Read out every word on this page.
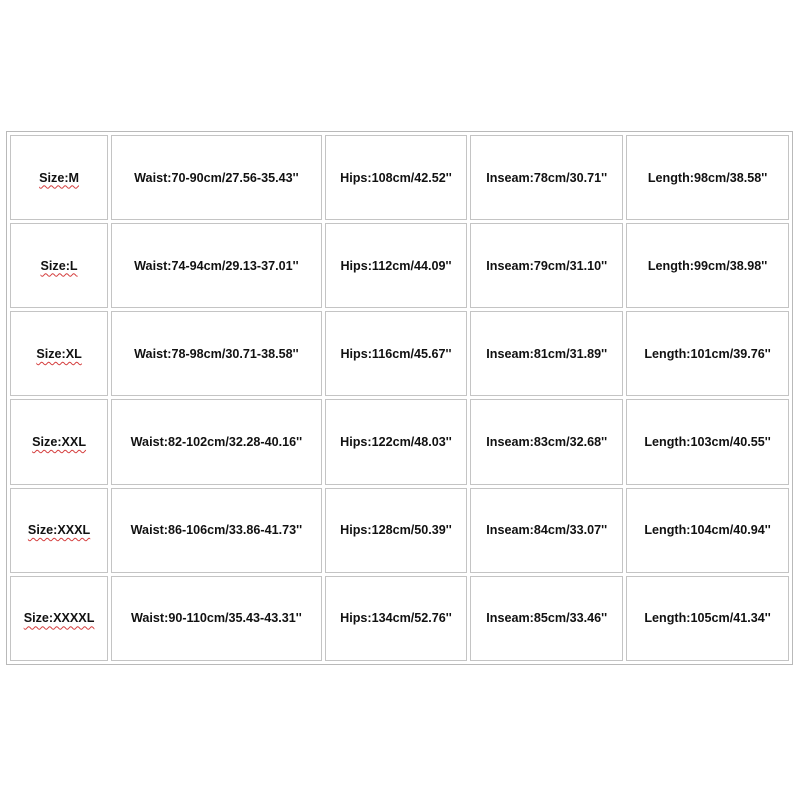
Size:M	Waist:70-90cm/27.56-35.43''	Hips:108cm/42.52''	Inseam:78cm/30.71''	Length:98cm/38.58''
Size:L	Waist:74-94cm/29.13-37.01''	Hips:112cm/44.09''	Inseam:79cm/31.10''	Length:99cm/38.98''
Size:XL	Waist:78-98cm/30.71-38.58''	Hips:116cm/45.67''	Inseam:81cm/31.89''	Length:101cm/39.76''
Size:XXL	Waist:82-102cm/32.28-40.16''	Hips:122cm/48.03''	Inseam:83cm/32.68''	Length:103cm/40.55''
Size:XXXL	Waist:86-106cm/33.86-41.73''	Hips:128cm/50.39''	Inseam:84cm/33.07''	Length:104cm/40.94''
Size:XXXXL	Waist:90-110cm/35.43-43.31''	Hips:134cm/52.76''	Inseam:85cm/33.46''	Length:105cm/41.34''
